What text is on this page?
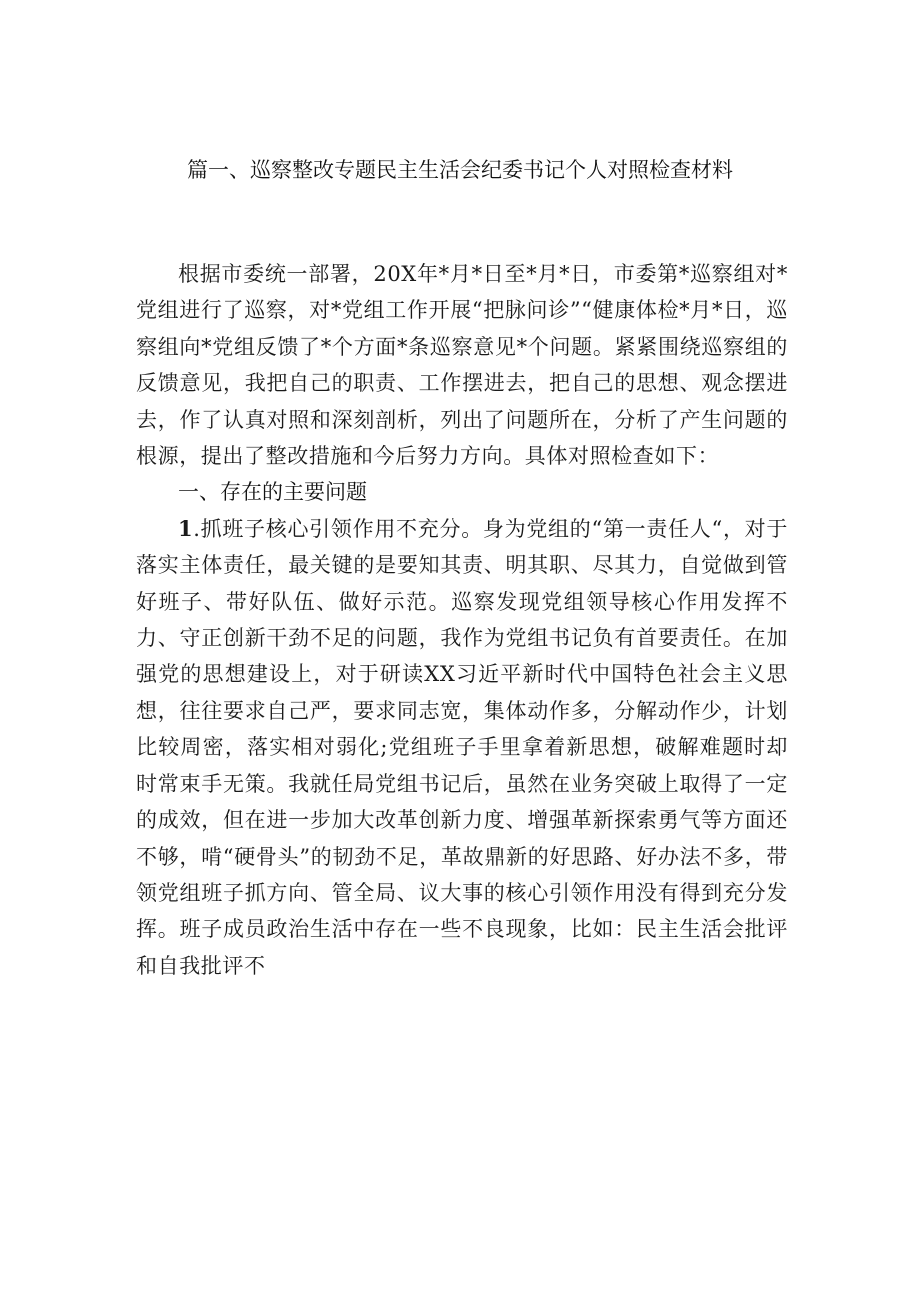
篇一、巡察整改专题民主生活会纪委书记个人对照检查材料

根据市委统一部署，20X年*月*日至*月*日，市委第*巡察组对*党组进行了巡察，对*党组工作开展“把脉问诊”“健康体检*月*日，巡察组向*党组反馈了*个方面*条巡察意见*个问题。紧紧围绕巡察组的反馈意见，我把自己的职责、工作摆进去，把自己的思想、观念摆进去，作了认真对照和深刻剖析，列出了问题所在，分析了产生问题的根源，提出了整改措施和今后努力方向。具体对照检查如下：

一、存在的主要问题

1.抓班子核心引领作用不充分。身为党组的“第一责任人“，对于落实主体责任，最关键的是要知其责、明其职、尽其力，自觉做到管好班子、带好队伍、做好示范。巡察发现党组领导核心作用发挥不力、守正创新干劲不足的问题，我作为党组书记负有首要责任。在加强党的思想建设上，对于研读XX习近平新时代中国特色社会主义思想，往往要求自己严，要求同志宽，集体动作多，分解动作少，计划比较周密，落实相对弱化;党组班子手里拿着新思想，破解难题时却时常束手无策。我就任局党组书记后，虽然在业务突破上取得了一定的成效，但在进一步加大改革创新力度、增强革新探索勇气等方面还不够，啃“硬骨头”的韧劲不足，革故鼎新的好思路、好办法不多，带领党组班子抓方向、管全局、议大事的核心引领作用没有得到充分发挥。班子成员政治生活中存在一些不良现象，比如：民主生活会批评和自我批评不
